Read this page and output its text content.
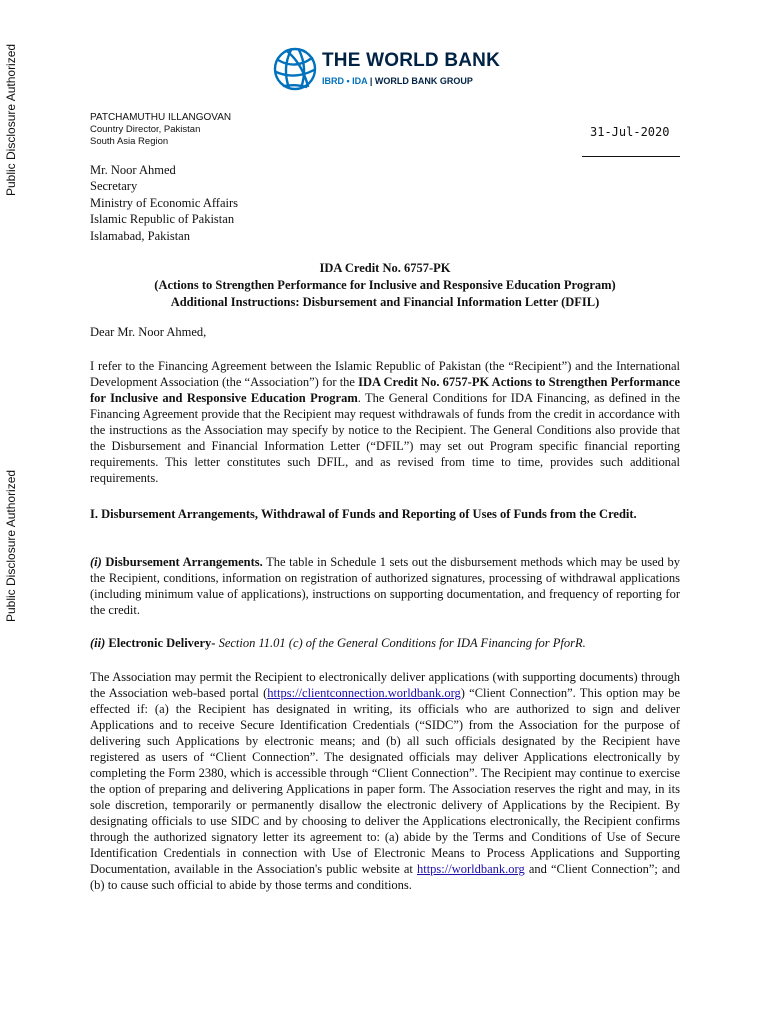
Public Disclosure Authorized
Public Disclosure Authorized
THE WORLD BANK
IBRD • IDA | WORLD BANK GROUP
PATCHAMUTHU ILLANGOVAN
Country Director, Pakistan
South Asia Region
31-Jul-2020
Mr. Noor Ahmed
Secretary
Ministry of Economic Affairs
Islamic Republic of Pakistan
Islamabad, Pakistan
IDA Credit No. 6757-PK
(Actions to Strengthen Performance for Inclusive and Responsive Education Program)
Additional Instructions: Disbursement and Financial Information Letter (DFIL)
Dear Mr. Noor Ahmed,
I refer to the Financing Agreement between the Islamic Republic of Pakistan (the “Recipient”) and the International Development Association (the “Association”) for the IDA Credit No. 6757-PK Actions to Strengthen Performance for Inclusive and Responsive Education Program. The General Conditions for IDA Financing, as defined in the Financing Agreement provide that the Recipient may request withdrawals of funds from the credit in accordance with the instructions as the Association may specify by notice to the Recipient. The General Conditions also provide that the Disbursement and Financial Information Letter (“DFIL”) may set out Program specific financial reporting requirements. This letter constitutes such DFIL, and as revised from time to time, provides such additional requirements.
I. Disbursement Arrangements, Withdrawal of Funds and Reporting of Uses of Funds from the Credit.
(i) Disbursement Arrangements. The table in Schedule 1 sets out the disbursement methods which may be used by the Recipient, conditions, information on registration of authorized signatures, processing of withdrawal applications (including minimum value of applications), instructions on supporting documentation, and frequency of reporting for the credit.
(ii) Electronic Delivery- Section 11.01 (c) of the General Conditions for IDA Financing for PforR.
The Association may permit the Recipient to electronically deliver applications (with supporting documents) through the Association web-based portal (https://clientconnection.worldbank.org) “Client Connection”. This option may be effected if: (a) the Recipient has designated in writing, its officials who are authorized to sign and deliver Applications and to receive Secure Identification Credentials (“SIDC”) from the Association for the purpose of delivering such Applications by electronic means; and (b) all such officials designated by the Recipient have registered as users of “Client Connection”. The designated officials may deliver Applications electronically by completing the Form 2380, which is accessible through “Client Connection”. The Recipient may continue to exercise the option of preparing and delivering Applications in paper form. The Association reserves the right and may, in its sole discretion, temporarily or permanently disallow the electronic delivery of Applications by the Recipient. By designating officials to use SIDC and by choosing to deliver the Applications electronically, the Recipient confirms through the authorized signatory letter its agreement to: (a) abide by the Terms and Conditions of Use of Secure Identification Credentials in connection with Use of Electronic Means to Process Applications and Supporting Documentation, available in the Association's public website at https://worldbank.org and “Client Connection”; and (b) to cause such official to abide by those terms and conditions.
